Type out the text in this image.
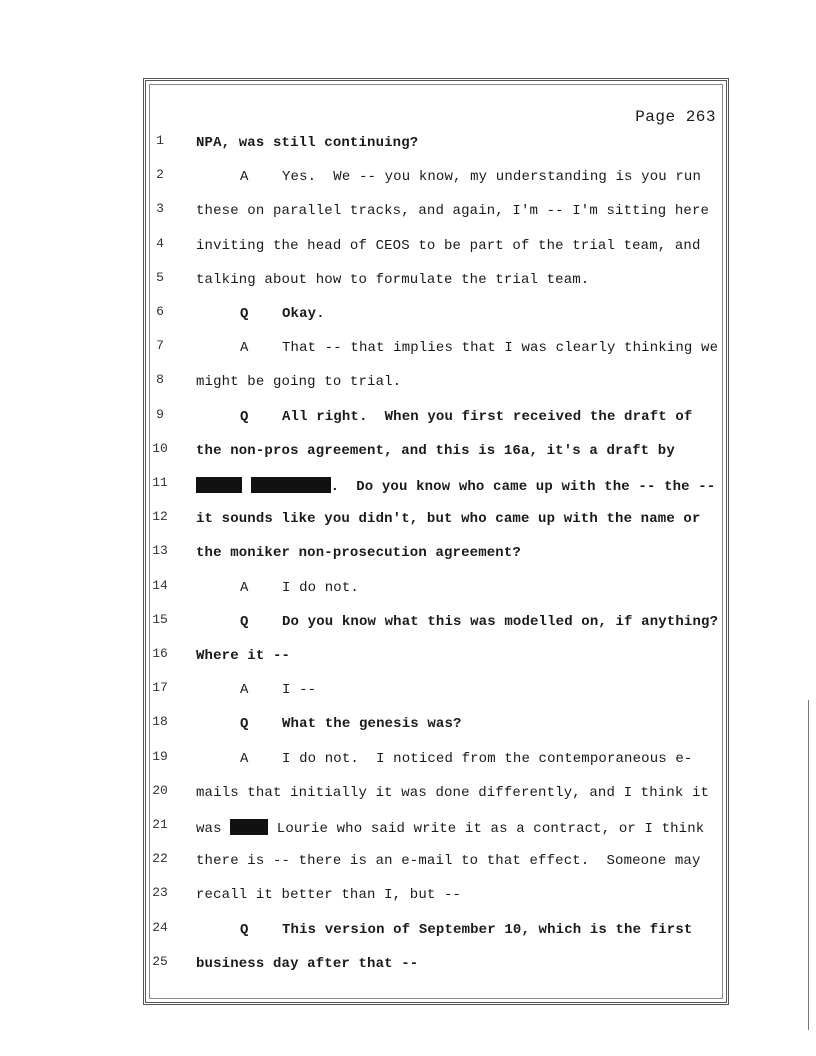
Page 263
1	NPA, was still continuing?
2	A Yes.  We -- you know, my understanding is you run
3	these on parallel tracks, and again, I'm -- I'm sitting here
4	inviting the head of CEOS to be part of the trial team, and
5	talking about how to formulate the trial team.
6	Q Okay.
7	A That -- that implies that I was clearly thinking we
8	might be going to trial.
9	Q All right.  When you first received the draft of
10 the non-pros agreement, and this is 16a, it's a draft by
11	.  Do you know who came up with the -- the --
12 it sounds like you didn't, but who came up with the name or
13 the moniker non-prosecution agreement?
14	A I do not.
15	Q Do you know what this was modelled on, if anything?
16 Where it --
17	A I --
18	Q What the genesis was?
19	A I do not.  I noticed from the contemporaneous e-
20 mails that initially it was done differently, and I think it
21 was	Lourie who said write it as a contract, or I think
22 there is -- there is an e-mail to that effect.  Someone may
23 recall it better than I, but --
24	Q This version of September 10, which is the first
25 business day after that --
